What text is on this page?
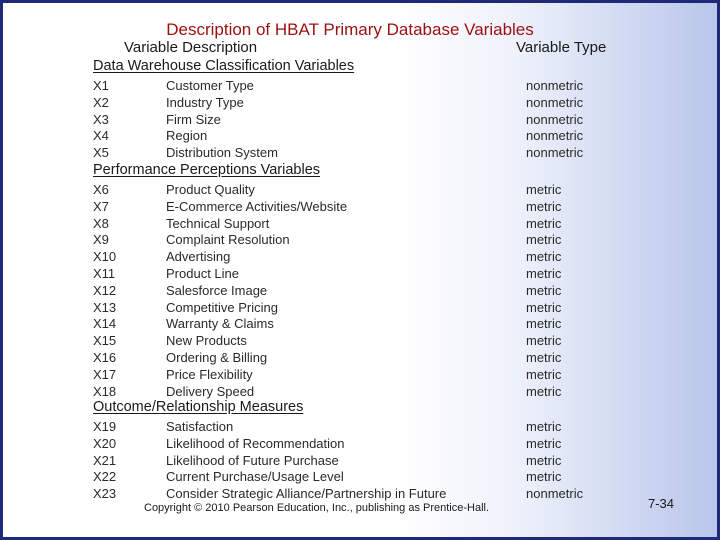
Description of HBAT Primary Database Variables
Variable Description	Variable Type
Data Warehouse Classification Variables
X1	Customer Type	nonmetric
X2	Industry Type	nonmetric
X3	Firm Size	nonmetric
X4	Region	nonmetric
X5	Distribution System	nonmetric
Performance Perceptions Variables
X6	Product Quality	metric
X7	E-Commerce Activities/Website	metric
X8	Technical Support	metric
X9	Complaint Resolution	metric
X10	Advertising	metric
X11	Product Line	metric
X12	Salesforce Image	metric
X13	Competitive Pricing	metric
X14	Warranty & Claims	metric
X15	New Products	metric
X16	Ordering & Billing	metric
X17	Price Flexibility	metric
X18	Delivery Speed	metric
Outcome/Relationship Measures
X19	Satisfaction	metric
X20	Likelihood of Recommendation	metric
X21	Likelihood of Future Purchase	metric
X22	Current Purchase/Usage Level	metric
X23	Consider Strategic Alliance/Partnership in Future	nonmetric
Copyright © 2010 Pearson Education, Inc., publishing as Prentice-Hall.	7-34
